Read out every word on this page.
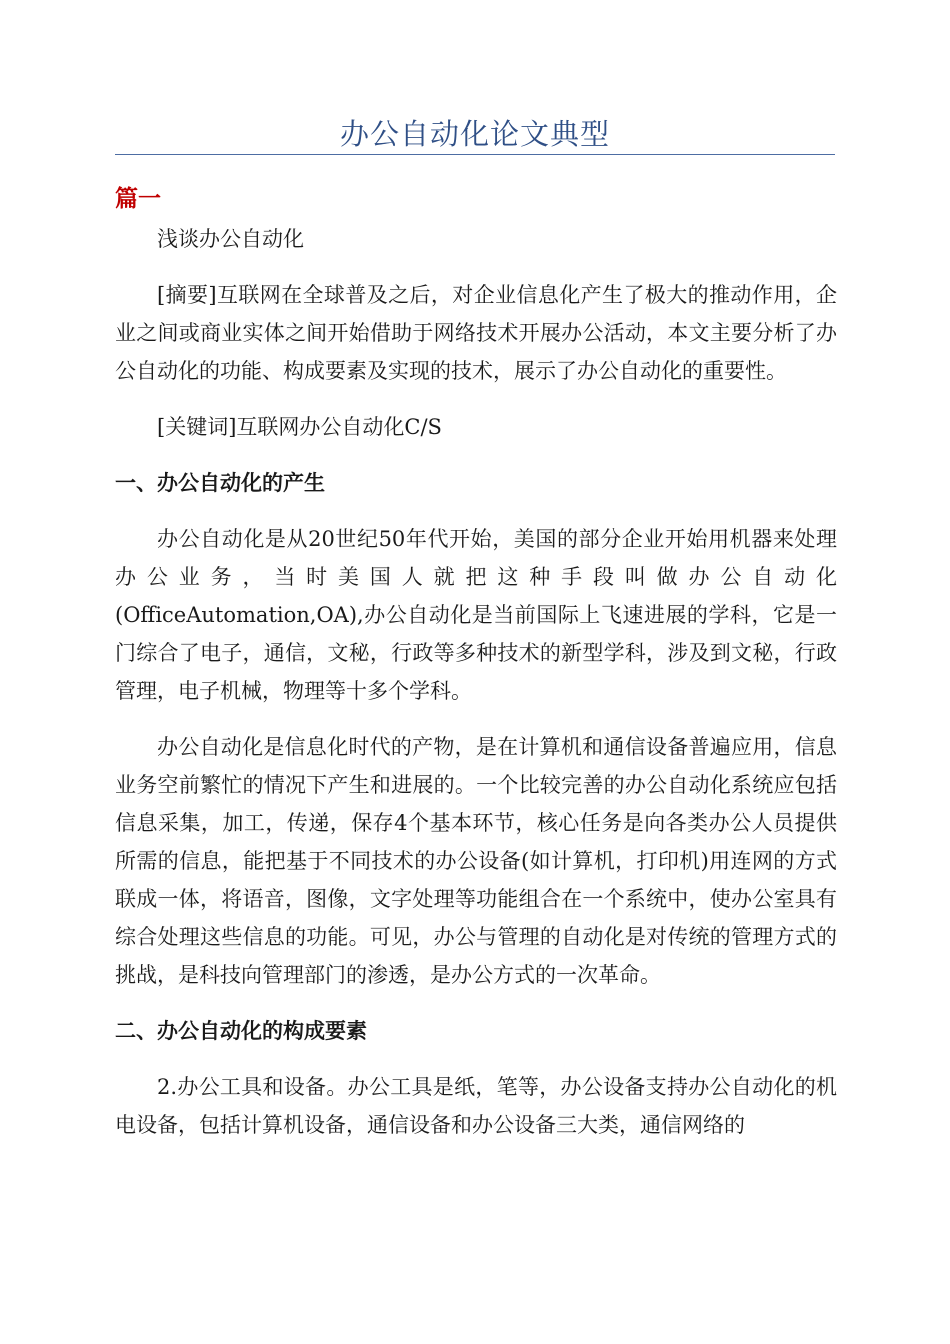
办公自动化论文典型
篇一

浅谈办公自动化

[摘要]互联网在全球普及之后，对企业信息化产生了极大的推动作用，企业之间或商业实体之间开始借助于网络技术开展办公活动，本文主要分析了办公自动化的功能、构成要素及实现的技术，展示了办公自动化的重要性。

[关键词]互联网办公自动化C/S

一、办公自动化的产生

办公自动化是从20世纪50年代开始，美国的部分企业开始用机器来处理办公业务，当时美国人就把这种手段叫做办公自动化(OfficeAutomation,OA),办公自动化是当前国际上飞速进展的学科，它是一门综合了电子，通信，文秘，行政等多种技术的新型学科，涉及到文秘，行政管理，电子机械，物理等十多个学科。

办公自动化是信息化时代的产物，是在计算机和通信设备普遍应用，信息业务空前繁忙的情况下产生和进展的。一个比较完善的办公自动化系统应包括信息采集，加工，传递，保存4个基本环节，核心任务是向各类办公人员提供所需的信息，能把基于不同技术的办公设备(如计算机，打印机)用连网的方式联成一体，将语音，图像，文字处理等功能组合在一个系统中，使办公室具有综合处理这些信息的功能。可见，办公与管理的自动化是对传统的管理方式的挑战，是科技向管理部门的渗透，是办公方式的一次革命。

二、办公自动化的构成要素

2.办公工具和设备。办公工具是纸，笔等，办公设备支持办公自动化的机电设备，包括计算机设备，通信设备和办公设备三大类，通信网络的
